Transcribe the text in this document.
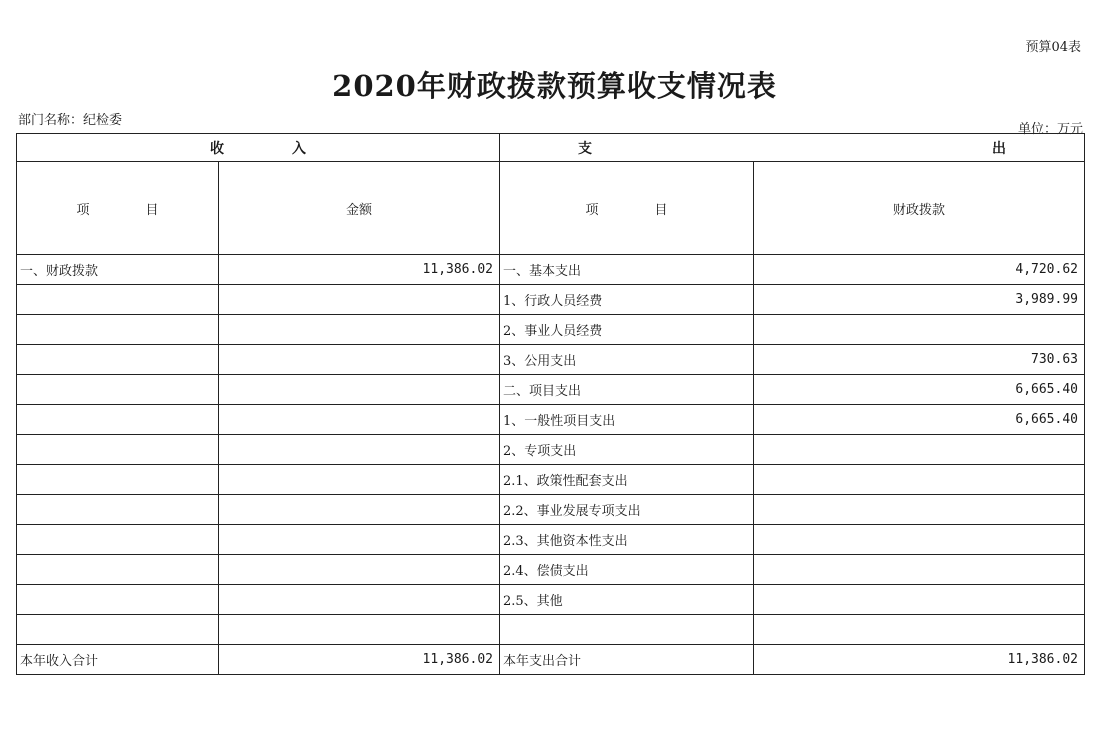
预算04表
2020年财政拨款预算收支情况表
部门名称：纪检委
单位：万元
收 入		支 出	
项 目	金额	项 目	财政拨款
一、财政拨款	11,386.02	一、基本支出	4,720.62
		1、行政人员经费	3,989.99
		2、事业人员经费	
		3、公用支出	730.63
		二、项目支出	6,665.40
		1、一般性项目支出	6,665.40
		2、专项支出	
		2.1、政策性配套支出	
		2.2、事业发展专项支出	
		2.3、其他资本性支出	
		2.4、偿债支出	
		2.5、其他	

本年收入合计	11,386.02	本年支出合计	11,386.02
